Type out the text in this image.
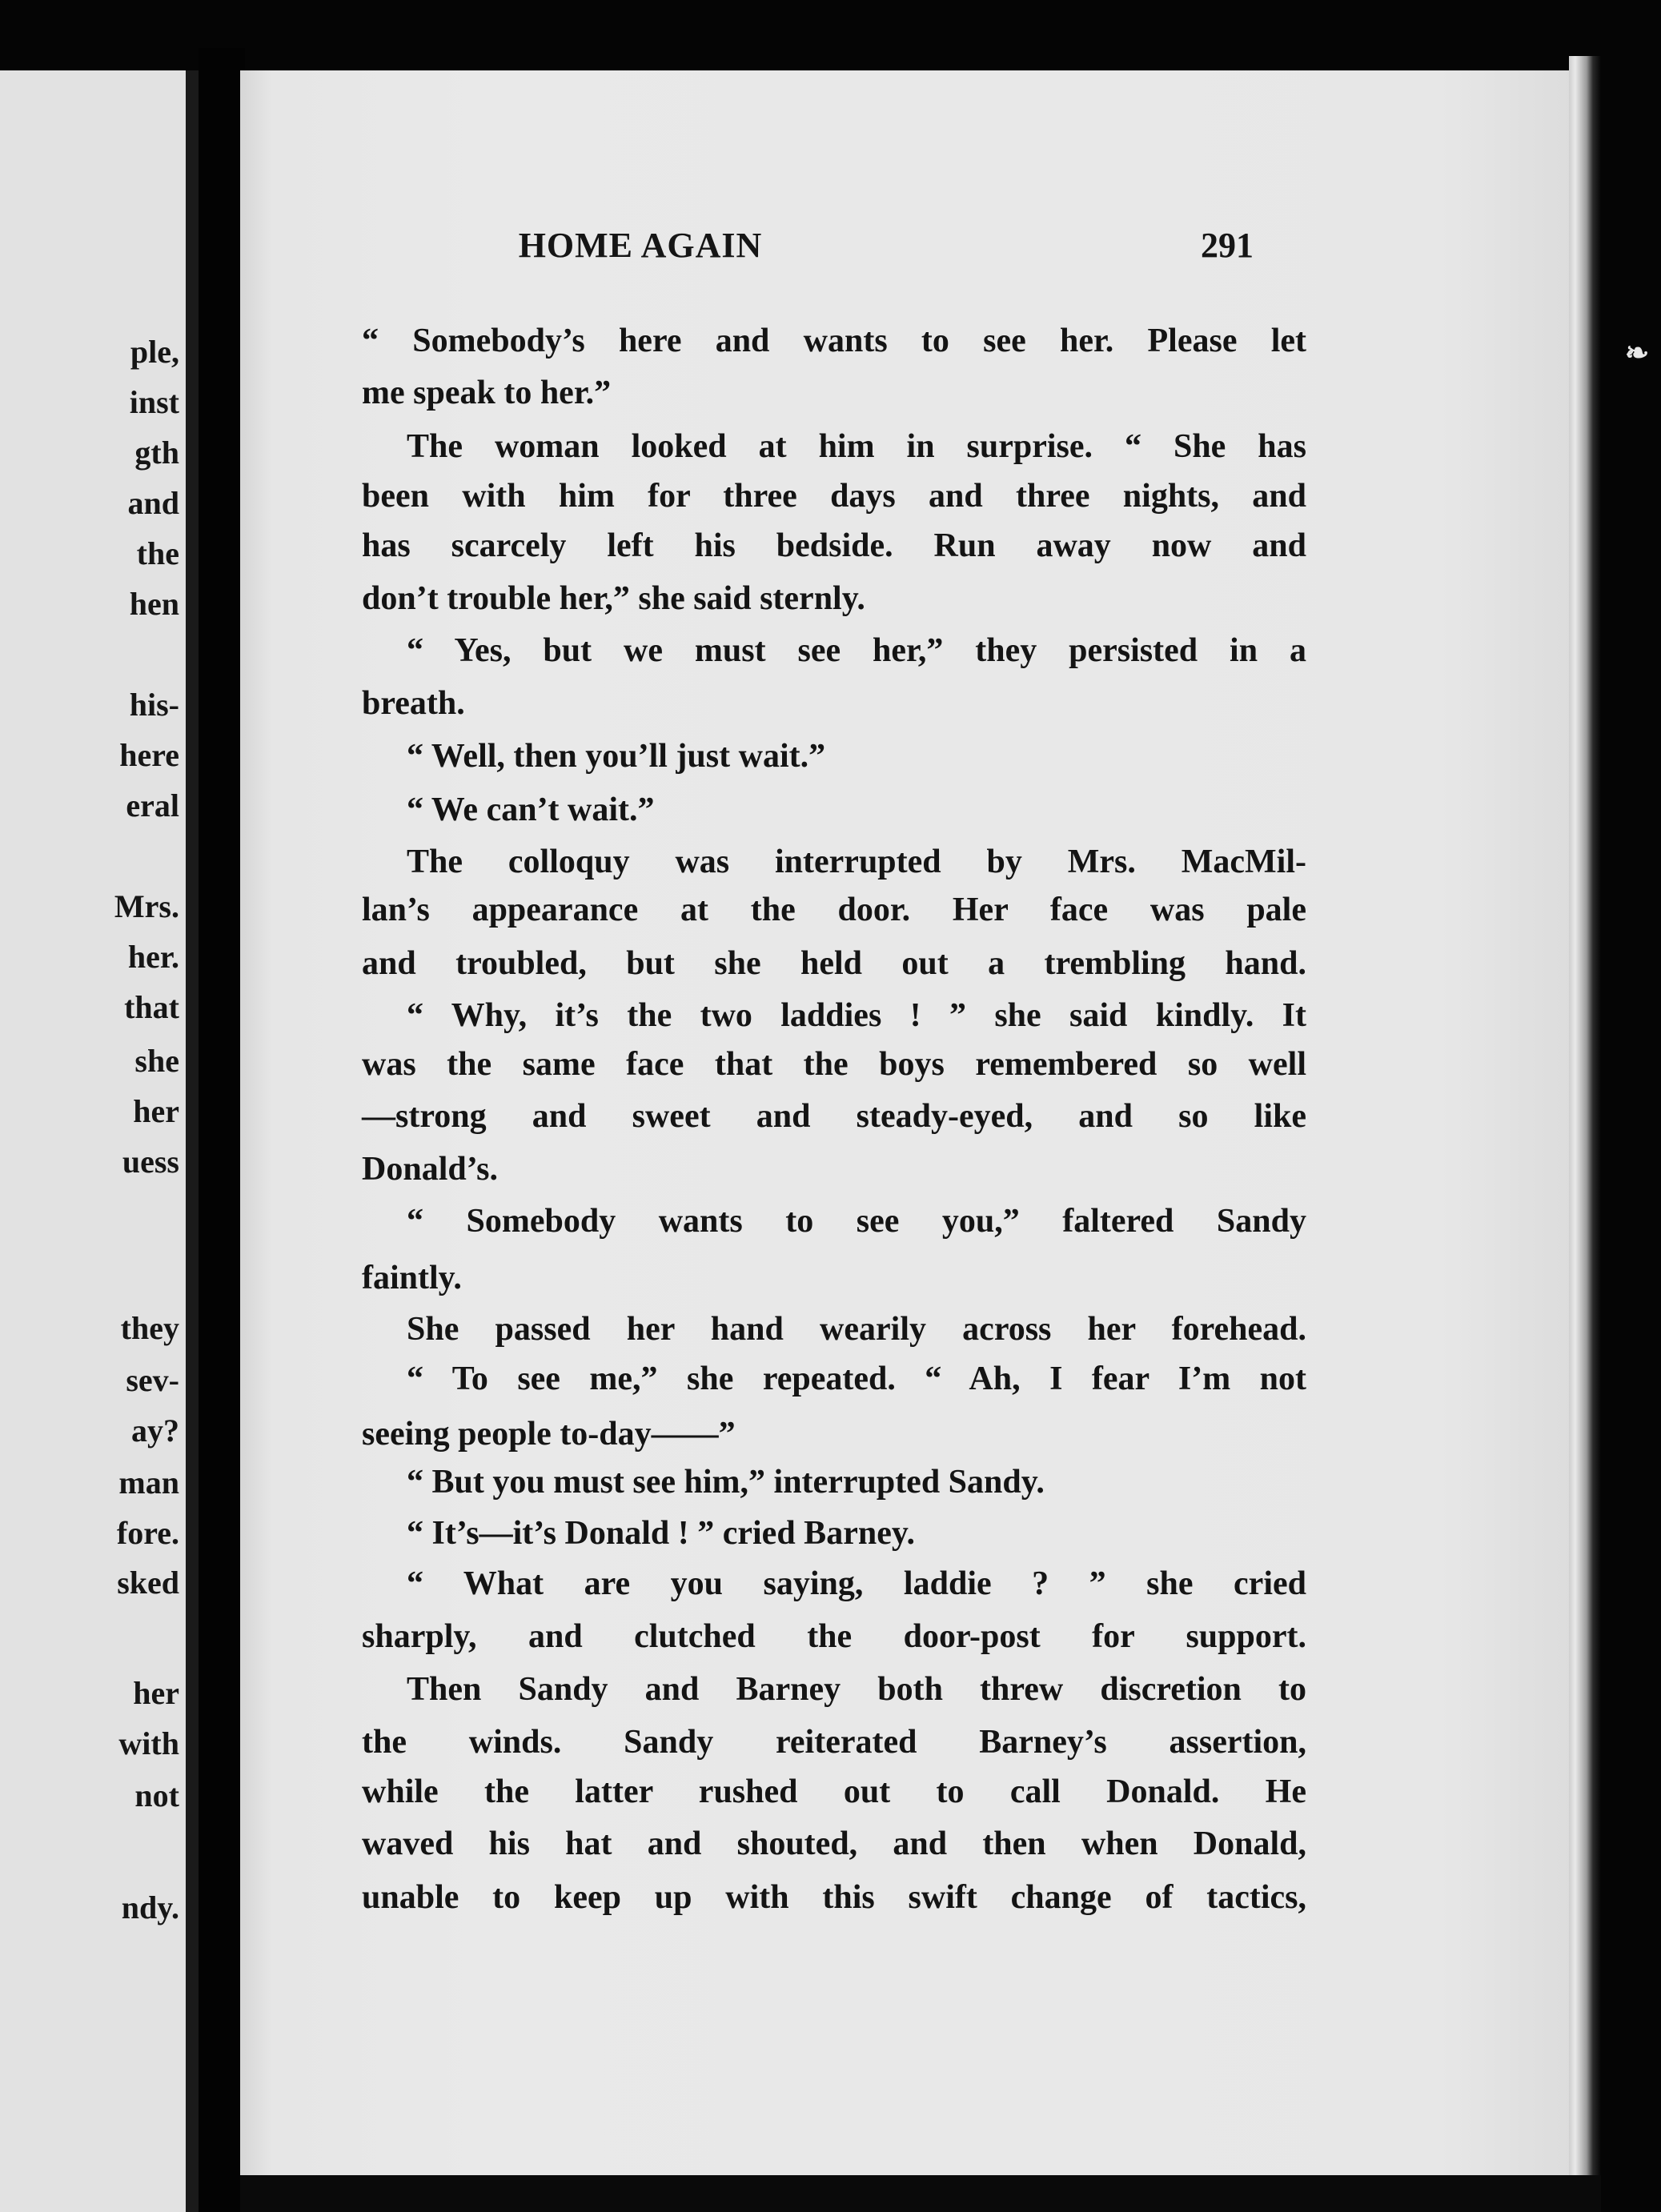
ple,
inst
gth
and
the
hen
his-
here
eral
Mrs.
her.
that
she
her
uess
they
sev-
ay?
man
fore.
sked
her
with
not
ndy.
❧
HOME AGAIN	291
“ Somebody’s here and wants to see her. Please let
me speak to her.”
The woman looked at him in surprise. “ She has
been with him for three days and three nights, and
has scarcely left his bedside. Run away now and
don’t trouble her,” she said sternly.
“ Yes, but we must see her,” they persisted in a
breath.
“ Well, then you’ll just wait.”
“ We can’t wait.”
The colloquy was interrupted by Mrs. MacMil-
lan’s appearance at the door. Her face was pale
and troubled, but she held out a trembling hand.
“ Why, it’s the two laddies ! ” she said kindly. It
was the same face that the boys remembered so well
—strong and sweet and steady-eyed, and so like
Donald’s.
“ Somebody wants to see you,” faltered Sandy
faintly.
She passed her hand wearily across her forehead.
“ To see me,” she repeated. “ Ah, I fear I’m not
seeing people to-day——”
“ But you must see him,” interrupted Sandy.
“ It’s—it’s Donald ! ” cried Barney.
“ What are you saying, laddie ? ” she cried
sharply, and clutched the door-post for support.
Then Sandy and Barney both threw discretion to
the winds. Sandy reiterated Barney’s assertion,
while the latter rushed out to call Donald. He
waved his hat and shouted, and then when Donald,
unable to keep up with this swift change of tactics,
